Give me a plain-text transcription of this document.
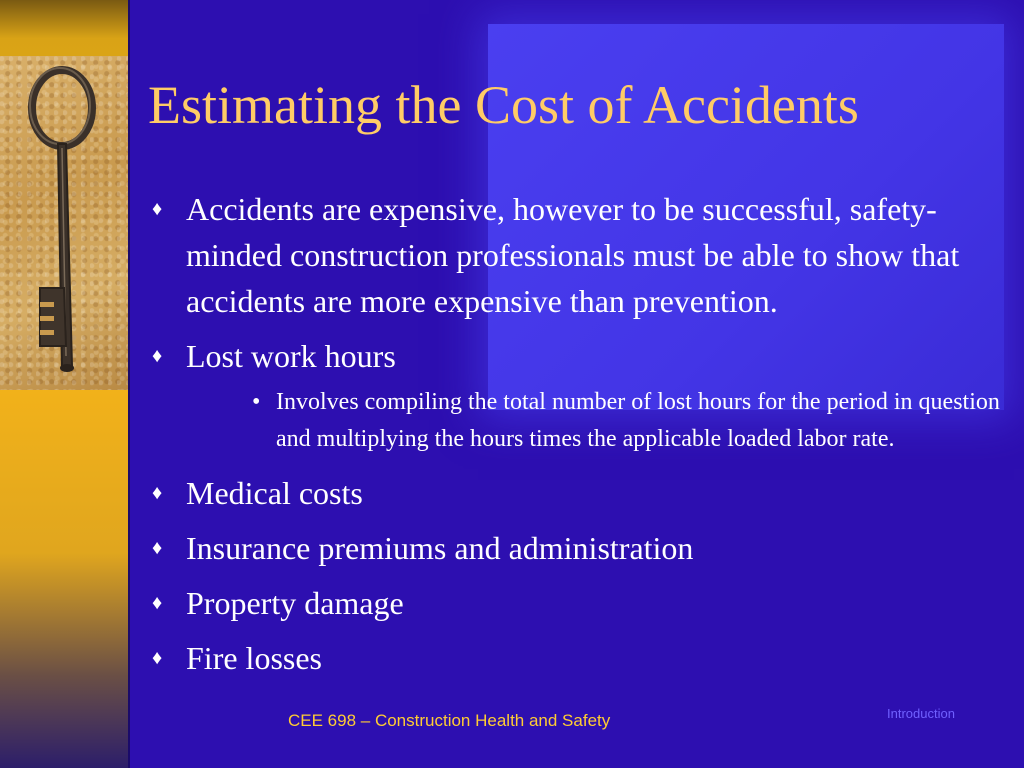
Estimating the Cost of Accidents
♦ Accidents are expensive, however to be successful, safety-minded construction professionals must be able to show that accidents are more expensive than prevention.
♦ Lost work hours
• Involves compiling the total number of lost hours for the period in question and multiplying the hours times the applicable loaded labor rate.
♦ Medical costs
♦ Insurance premiums and administration
♦ Property damage
♦ Fire losses
CEE 698 – Construction Health and Safety	Introduction
